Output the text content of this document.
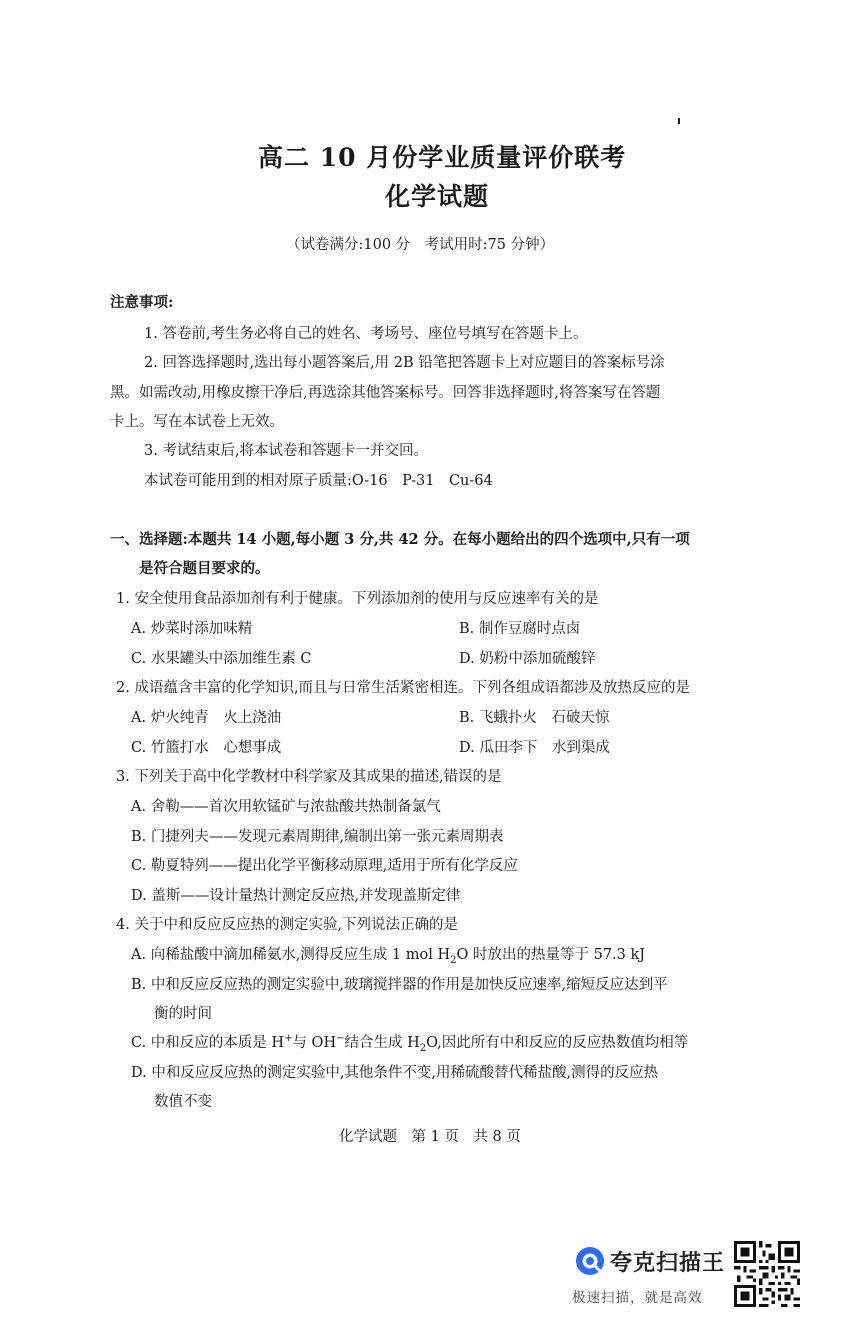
高二 10 月份学业质量评价联考
化学试题
（试卷满分:100 分　考试用时:75 分钟）
注意事项:
1. 答卷前,考生务必将自己的姓名、考场号、座位号填写在答题卡上。
2. 回答选择题时,选出每小题答案后,用 2B 铅笔把答题卡上对应题目的答案标号涂
黑。如需改动,用橡皮擦干净后,再选涂其他答案标号。回答非选择题时,将答案写在答题
卡上。写在本试卷上无效。
3. 考试结束后,将本试卷和答题卡一并交回。
本试卷可能用到的相对原子质量:O-16　P-31　Cu-64
一、选择题:本题共 14 小题,每小题 3 分,共 42 分。在每小题给出的四个选项中,只有一项
是符合题目要求的。
1. 安全使用食品添加剂有利于健康。下列添加剂的使用与反应速率有关的是
A. 炒菜时添加味精	B. 制作豆腐时点卤
C. 水果罐头中添加维生素 C	D. 奶粉中添加硫酸锌
2. 成语蕴含丰富的化学知识,而且与日常生活紧密相连。下列各组成语都涉及放热反应的是
A. 炉火纯青　火上浇油	B. 飞蛾扑火　石破天惊
C. 竹篮打水　心想事成	D. 瓜田李下　水到渠成
3. 下列关于高中化学教材中科学家及其成果的描述,错误的是
A. 舍勒——首次用软锰矿与浓盐酸共热制备氯气
B. 门捷列夫——发现元素周期律,编制出第一张元素周期表
C. 勒夏特列——提出化学平衡移动原理,适用于所有化学反应
D. 盖斯——设计量热计测定反应热,并发现盖斯定律
4. 关于中和反应反应热的测定实验,下列说法正确的是
A. 向稀盐酸中滴加稀氨水,测得反应生成 1 mol $H_2O$ 时放出的热量等于 57.3 kJ
B. 中和反应反应热的测定实验中,玻璃搅拌器的作用是加快反应速率,缩短反应达到平
衡的时间
C. 中和反应的本质是 H+与 OH−结合生成 $H_2O$,因此所有中和反应的反应热数值均相等
D. 中和反应反应热的测定实验中,其他条件不变,用稀硫酸替代稀盐酸,测得的反应热
数值不变
化学试题　第 1 页　共 8 页
夸克扫描王
极速扫描，就是高效
